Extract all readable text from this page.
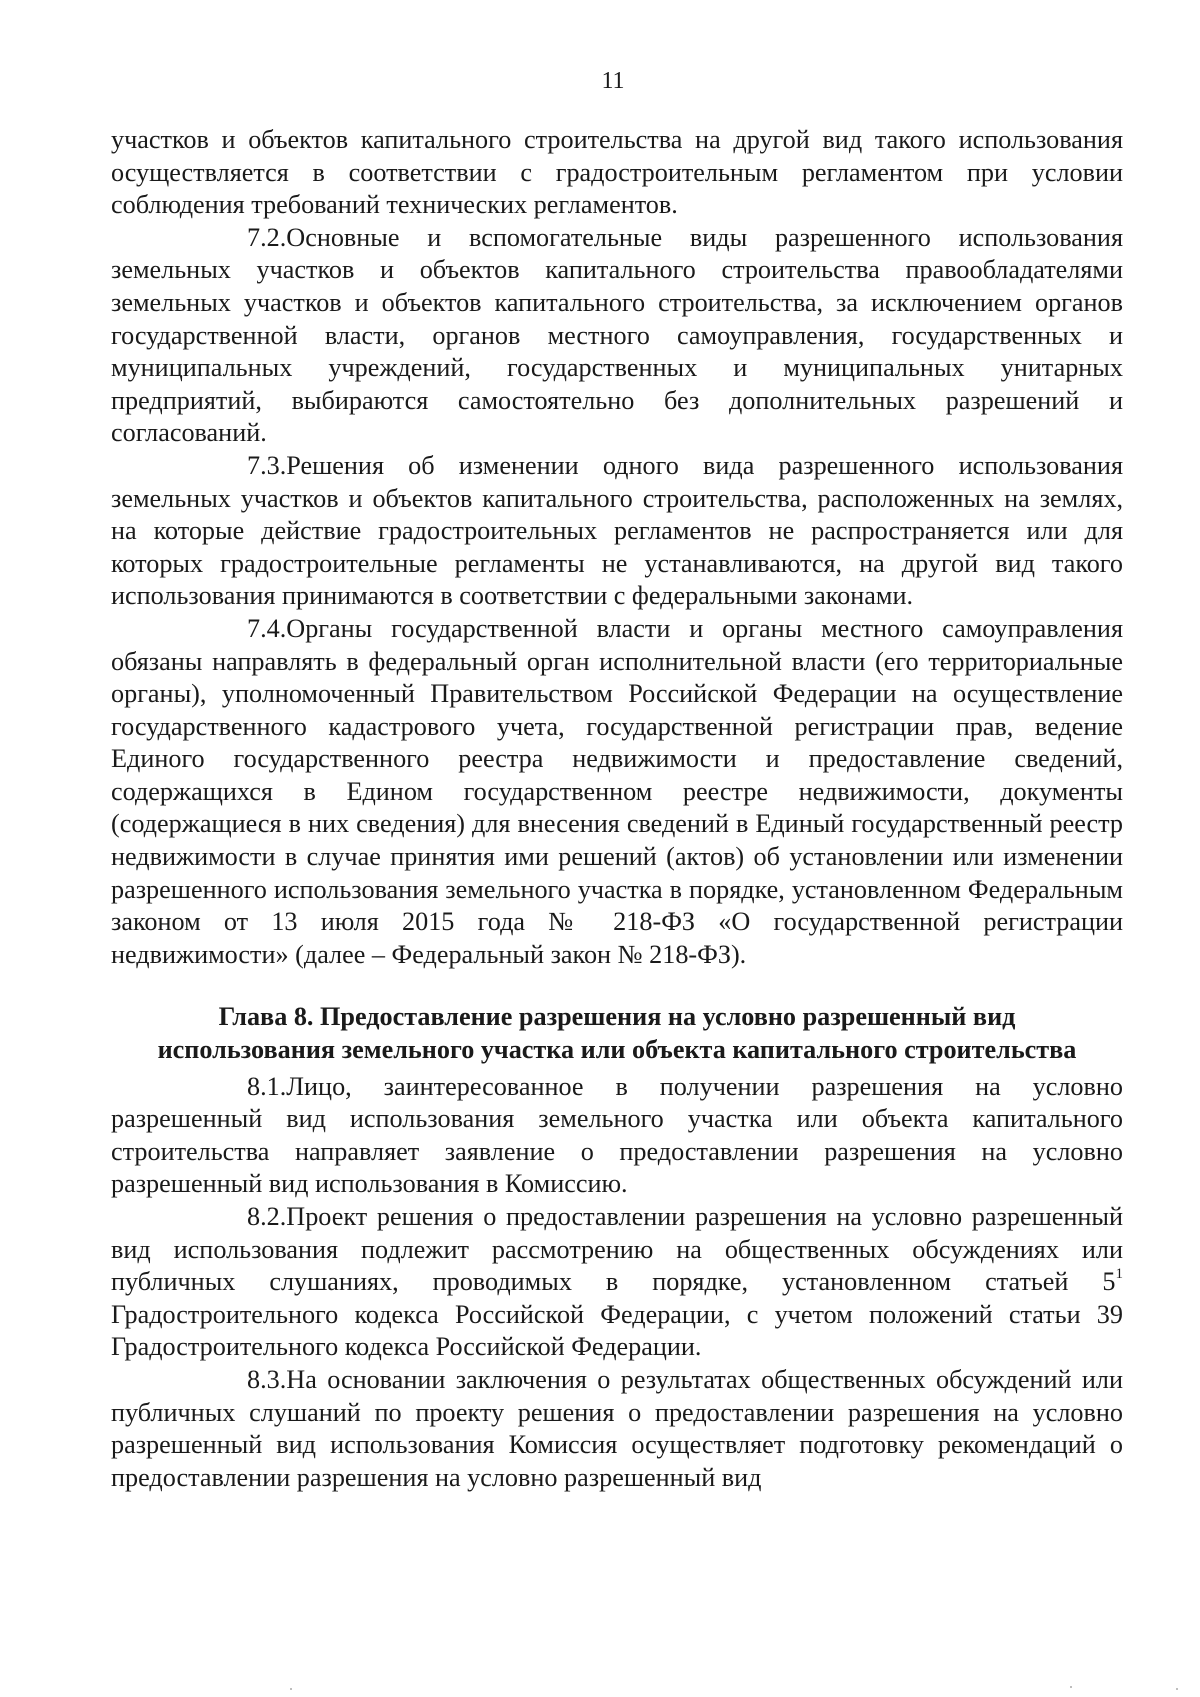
11

участков и объектов капитального строительства на другой вид такого использования осуществляется в соответствии с градостроительным регламентом при условии соблюдения требований технических регламентов.

7.2.Основные и вспомогательные виды разрешенного использования земельных участков и объектов капитального строительства правообладателями земельных участков и объектов капитального строительства, за исключением органов государственной власти, органов местного самоуправления, государственных и муниципальных учреждений, государственных и муниципальных унитарных предприятий, выбираются самостоятельно без дополнительных разрешений и согласований.

7.3.Решения об изменении одного вида разрешенного использования земельных участков и объектов капитального строительства, расположенных на землях, на которые действие градостроительных регламентов не распространяется или для которых градостроительные регламенты не устанавливаются, на другой вид такого использования принимаются в соответствии с федеральными законами.

7.4.Органы государственной власти и органы местного самоуправления обязаны направлять в федеральный орган исполнительной власти (его территориальные органы), уполномоченный Правительством Российской Федерации на осуществление государственного кадастрового учета, государственной регистрации прав, ведение Единого государственного реестра недвижимости и предоставление сведений, содержащихся в Едином государственном реестре недвижимости, документы (содержащиеся в них сведения) для внесения сведений в Единый государственный реестр недвижимости в случае принятия ими решений (актов) об установлении или изменении разрешенного использования земельного участка в порядке, установленном Федеральным законом от 13 июля 2015 года № 218-ФЗ «О государственной регистрации недвижимости» (далее – Федеральный закон № 218-ФЗ).

Глава 8. Предоставление разрешения на условно разрешенный вид
использования земельного участка или объекта капитального строительства

8.1.Лицо, заинтересованное в получении разрешения на условно разрешенный вид использования земельного участка или объекта капитального строительства направляет заявление о предоставлении разрешения на условно разрешенный вид использования в Комиссию.

8.2.Проект решения о предоставлении разрешения на условно разрешенный вид использования подлежит рассмотрению на общественных обсуждениях или публичных слушаниях, проводимых в порядке, установленном статьей $5^1$ Градостроительного кодекса Российской Федерации, с учетом положений статьи 39 Градостроительного кодекса Российской Федерации.

8.3.На основании заключения о результатах общественных обсуждений или публичных слушаний по проекту решения о предоставлении разрешения на условно разрешенный вид использования Комиссия осуществляет подготовку рекомендаций о предоставлении разрешения на условно разрешенный вид
